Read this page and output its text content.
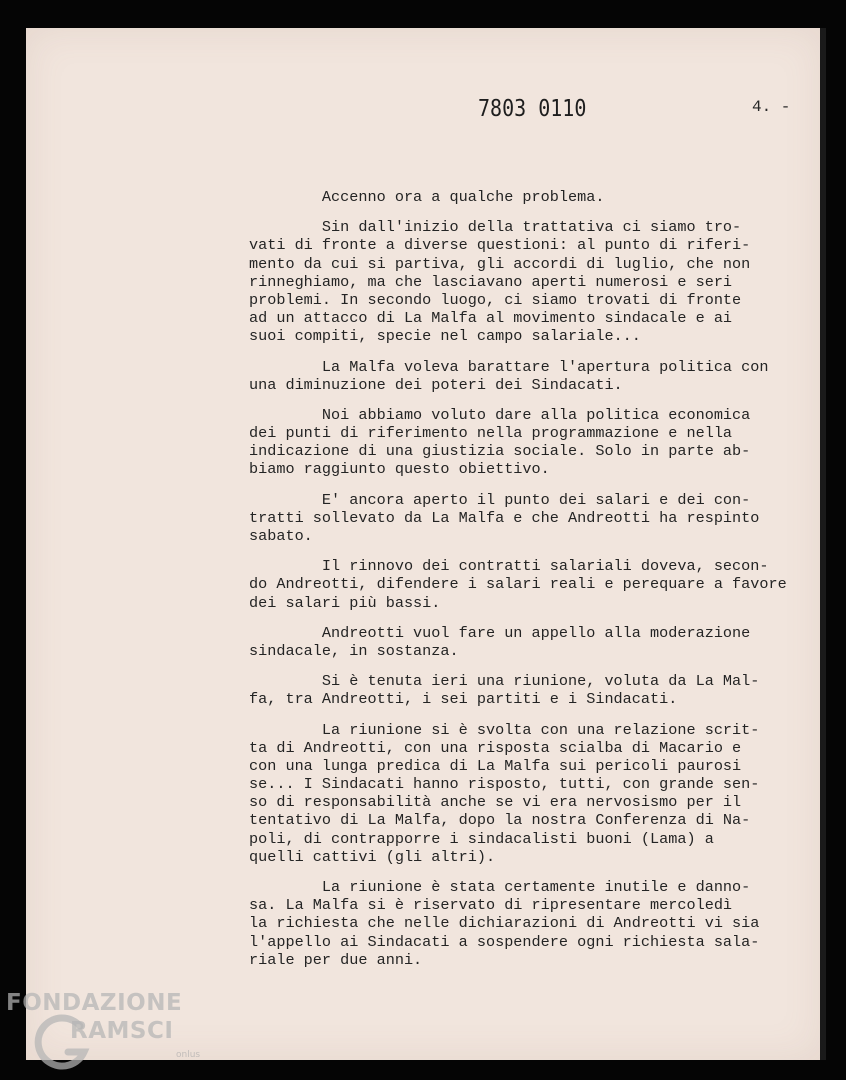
7803 0110	4. -
Accenno ora a qualche problema.
Sin dall'inizio della trattativa ci siamo tro-
vati di fronte a diverse questioni: al punto di riferi-
mento da cui si partiva, gli accordi di luglio, che non
rinneghiamo, ma che lasciavano aperti numerosi e seri
problemi. In secondo luogo, ci siamo trovati di fronte
ad un attacco di La Malfa al movimento sindacale e ai
suoi compiti, specie nel campo salariale...
La Malfa voleva barattare l'apertura politica con
una diminuzione dei poteri dei Sindacati.
Noi abbiamo voluto dare alla politica economica
dei punti di riferimento nella programmazione e nella
indicazione di una giustizia sociale. Solo in parte ab-
biamo raggiunto questo obiettivo.
E' ancora aperto il punto dei salari e dei con-
tratti sollevato da La Malfa e che Andreotti ha respinto
sabato.
Il rinnovo dei contratti salariali doveva, secon-
do Andreotti, difendere i salari reali e perequare a favore
dei salari più bassi.
Andreotti vuol fare un appello alla moderazione
sindacale, in sostanza.
Si è tenuta ieri una riunione, voluta da La Mal-
fa, tra Andreotti, i sei partiti e i Sindacati.
La riunione si è svolta con una relazione scrit-
ta di Andreotti, con una risposta scialba di Macario e
con una lunga predica di La Malfa sui pericoli paurosi
se... I Sindacati hanno risposto, tutti, con grande sen-
so di responsabilità anche se vi era nervosismo per il
tentativo di La Malfa, dopo la nostra Conferenza di Na-
poli, di contrapporre i sindacalisti buoni (Lama) a
quelli cattivi (gli altri).
La riunione è stata certamente inutile e danno-
sa. La Malfa si è riservato di ripresentare mercoledì
la richiesta che nelle dichiarazioni di Andreotti vi sia
l'appello ai Sindacati a sospendere ogni richiesta sala-
riale per due anni.
FONDAZIONE
RAMSCI
onlus
